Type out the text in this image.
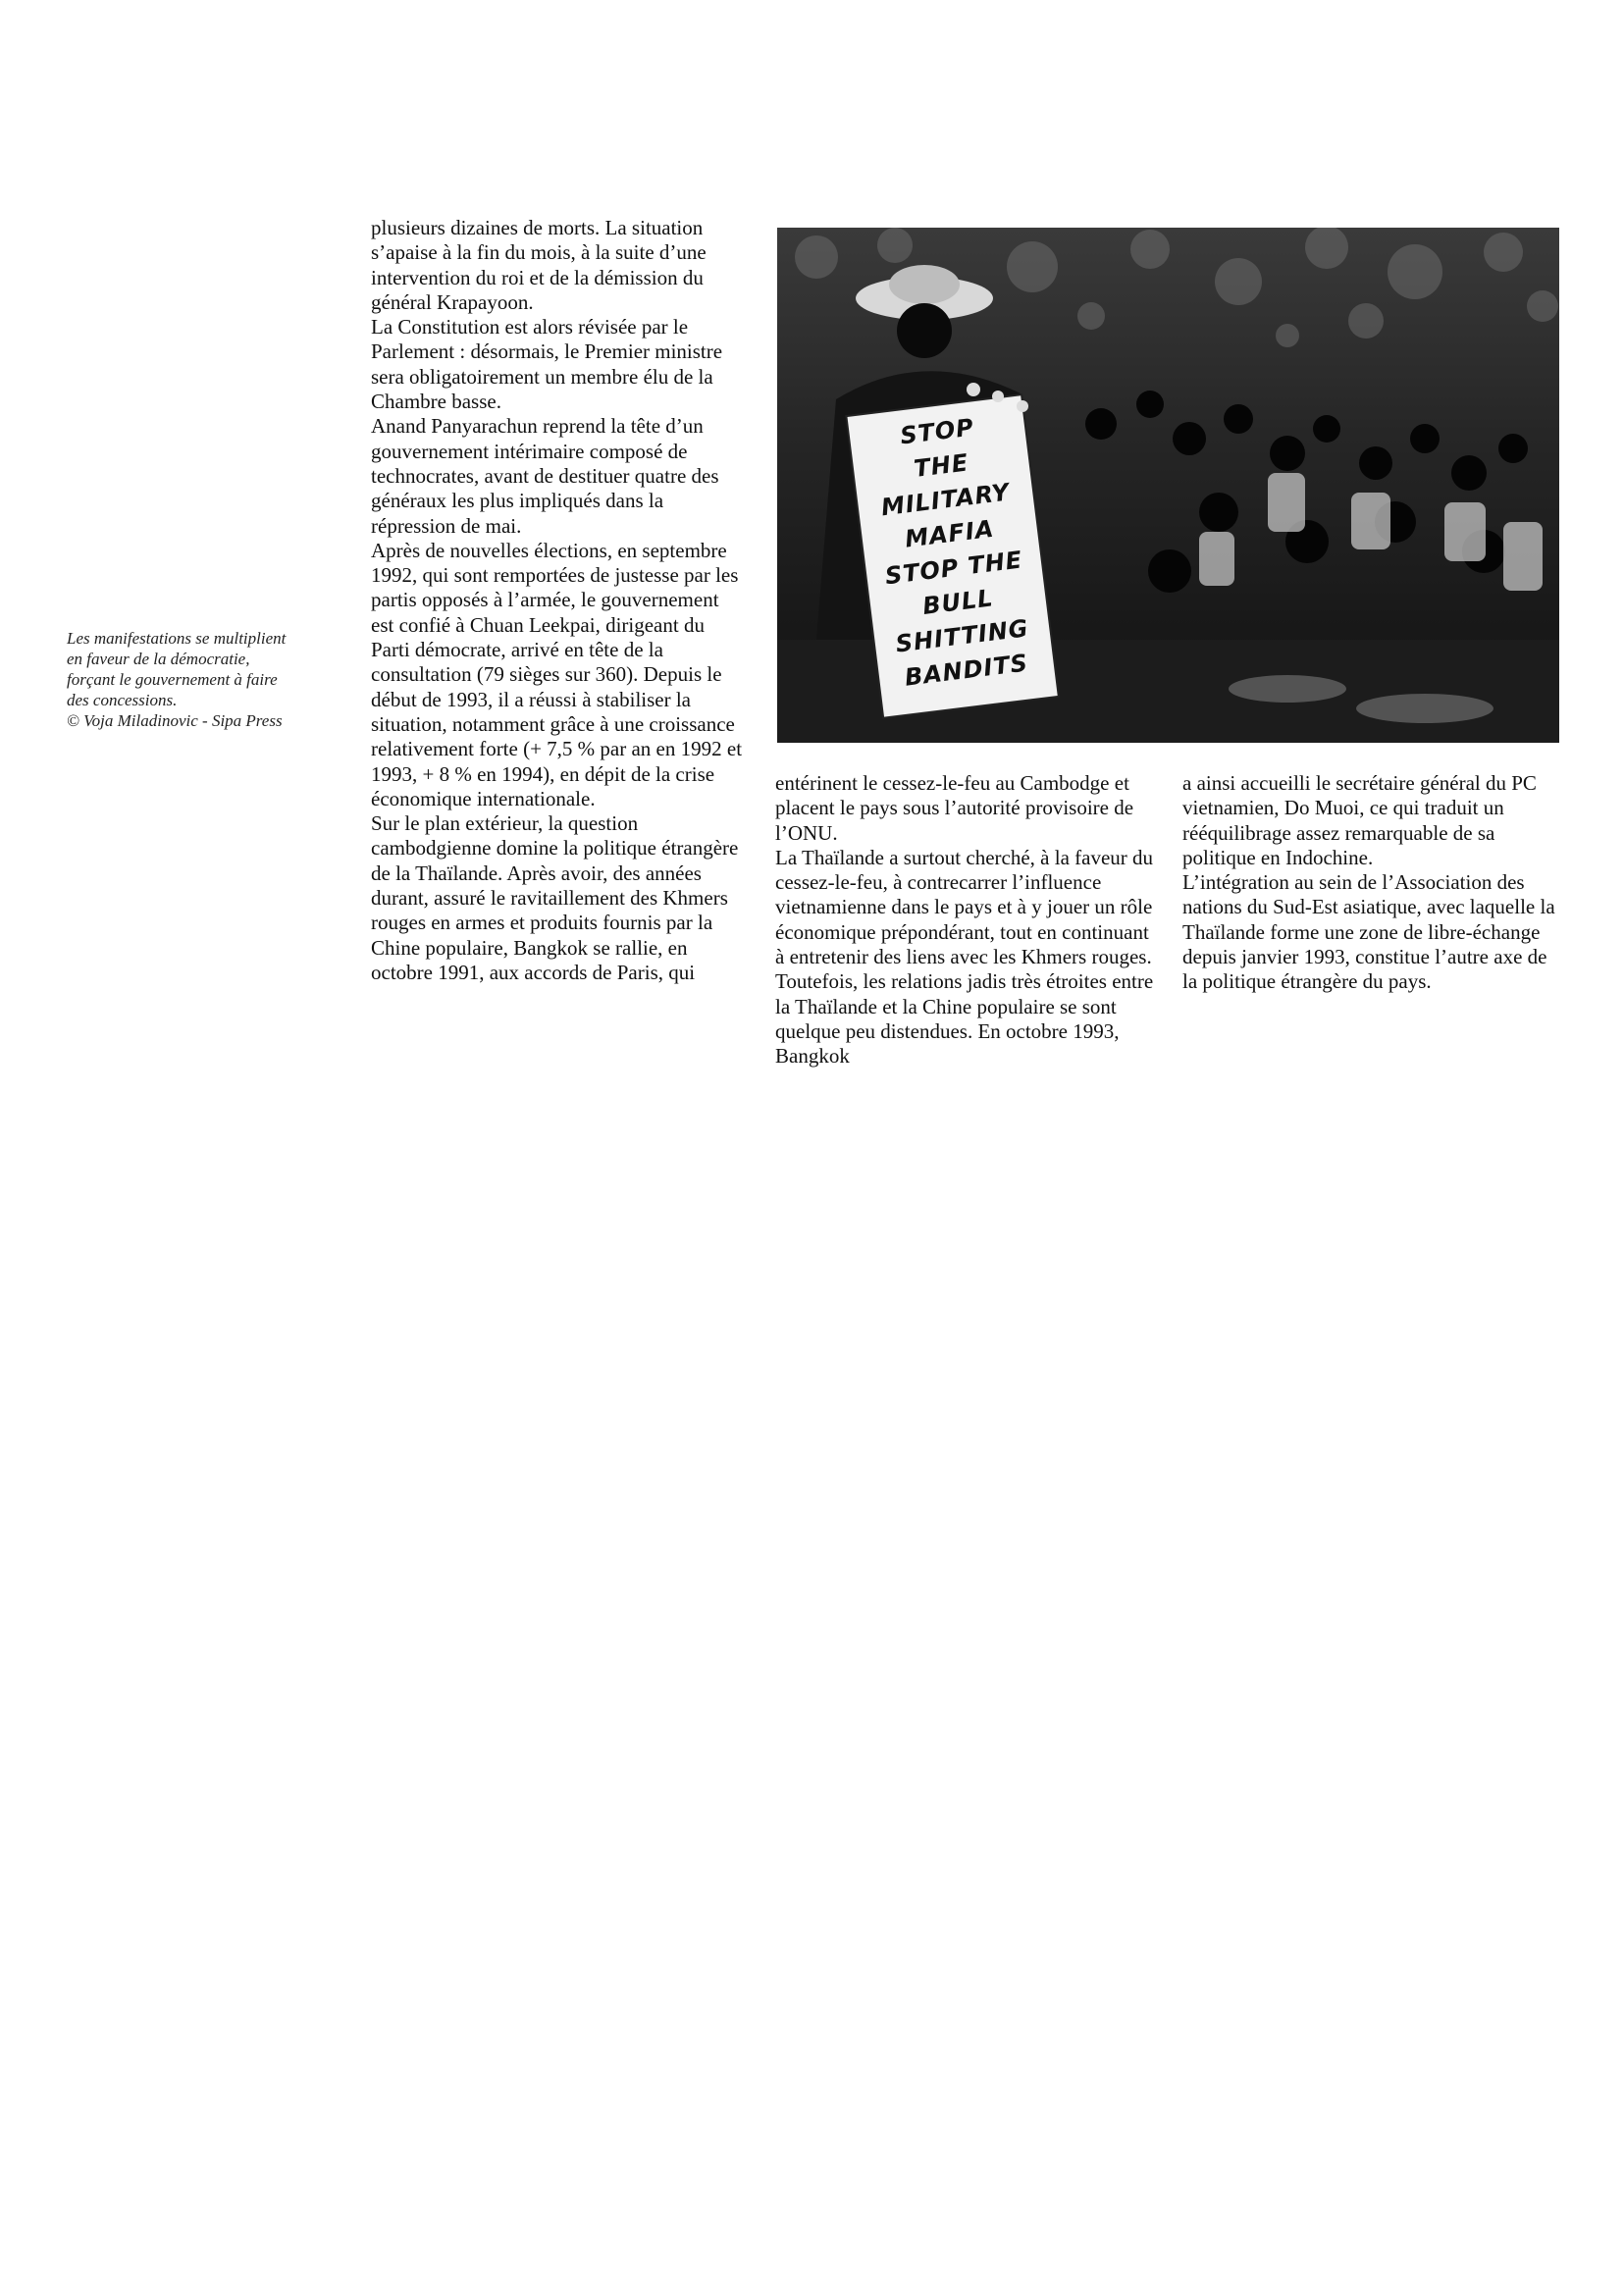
Les manifestations se multiplient

en faveur de la démocratie,

forçant le gouvernement à faire

des concessions.

© Voja Miladinovic - Sipa Press

plusieurs dizaines de morts. La situation s’apaise à la fin du mois, à la suite d’une intervention du roi et de la démission du général Krapayoon.

La Constitution est alors révisée par le Parlement : désormais, le Premier ministre sera obligatoirement un membre élu de la Chambre basse.

Anand Panyarachun reprend la tête d’un gouvernement intérimaire composé de technocrates, avant de destituer quatre des généraux les plus impliqués dans la répression de mai.

Après de nouvelles élections, en septembre 1992, qui sont remportées de justesse par les partis opposés à l’armée, le gouvernement est confié à Chuan Leekpai, dirigeant du Parti démocrate, arrivé en tête de la consultation (79 sièges sur 360). Depuis le début de 1993, il a réussi à stabiliser la situation, notamment grâce à une croissance relativement forte (+ 7,5 % par an en 1992 et 1993, + 8 % en 1994), en dépit de la crise économique internationale.

Sur le plan extérieur, la question cambodgienne domine la politique étrangère de la Thaïlande. Après avoir, des années durant, assuré le ravitaillement des Khmers rouges en armes et produits fournis par la Chine populaire, Bangkok se rallie, en octobre 1991, aux accords de Paris, qui

STOP
THE
MILITARY
MAFIA
STOP THE
BULL
SHITTING
BANDITS

entérinent le cessez-le-feu au Cambodge et placent le pays sous l’autorité provisoire de l’ONU.

La Thaïlande a surtout cherché, à la faveur du cessez-le-feu, à contrecarrer l’influence vietnamienne dans le pays et à y jouer un rôle économique prépondérant, tout en continuant à entretenir des liens avec les Khmers rouges. Toutefois, les relations jadis très étroites entre la Thaïlande et la Chine populaire se sont quelque peu distendues. En octobre 1993, Bangkok

a ainsi accueilli le secrétaire général du PC vietnamien, Do Muoi, ce qui traduit un rééquilibrage assez remarquable de sa politique en Indochine.

L’intégration au sein de l’Association des nations du Sud-Est asiatique, avec laquelle la Thaïlande forme une zone de libre-échange depuis janvier 1993, constitue l’autre axe de la politique étrangère du pays.
